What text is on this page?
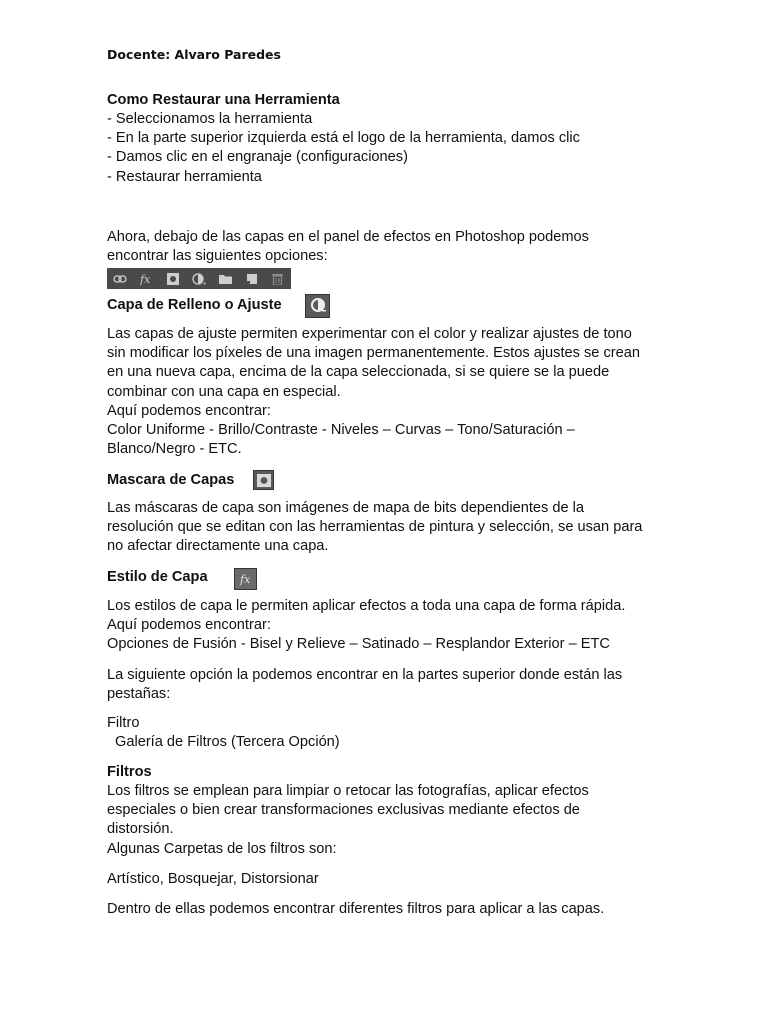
Docente: Alvaro Paredes
Como Restaurar una Herramienta
- Seleccionamos la herramienta
- En la parte superior izquierda está el logo de la herramienta, damos clic
- Damos clic en el engranaje (configuraciones)
- Restaurar herramienta
Ahora, debajo de las capas en el panel de efectos en Photoshop podemos
encontrar las siguientes opciones:
fx
Capa de Relleno o Ajuste
Las capas de ajuste permiten experimentar con el color y realizar ajustes de tono
sin modificar los píxeles de una imagen permanentemente. Estos ajustes se crean
en una nueva capa, encima de la capa seleccionada, si se quiere se la puede
combinar con una capa en especial.
Aquí podemos encontrar:
Color Uniforme - Brillo/Contraste - Niveles – Curvas – Tono/Saturación –
Blanco/Negro - ETC.
Mascara de Capas
Las máscaras de capa son imágenes de mapa de bits dependientes de la
resolución que se editan con las herramientas de pintura y selección, se usan para
no afectar directamente una capa.
Estilo de Capa	fx
Los estilos de capa le permiten aplicar efectos a toda una capa de forma rápida.
Aquí podemos encontrar:
Opciones de Fusión - Bisel y Relieve – Satinado – Resplandor Exterior – ETC
La siguiente opción la podemos encontrar en la partes superior donde están las
pestañas:
Filtro
Galería de Filtros (Tercera Opción)
Filtros
Los filtros se emplean para limpiar o retocar las fotografías, aplicar efectos
especiales o bien crear transformaciones exclusivas mediante efectos de
distorsión.
Algunas Carpetas de los filtros son:
Artístico, Bosquejar, Distorsionar
Dentro de ellas podemos encontrar diferentes filtros para aplicar a las capas.
